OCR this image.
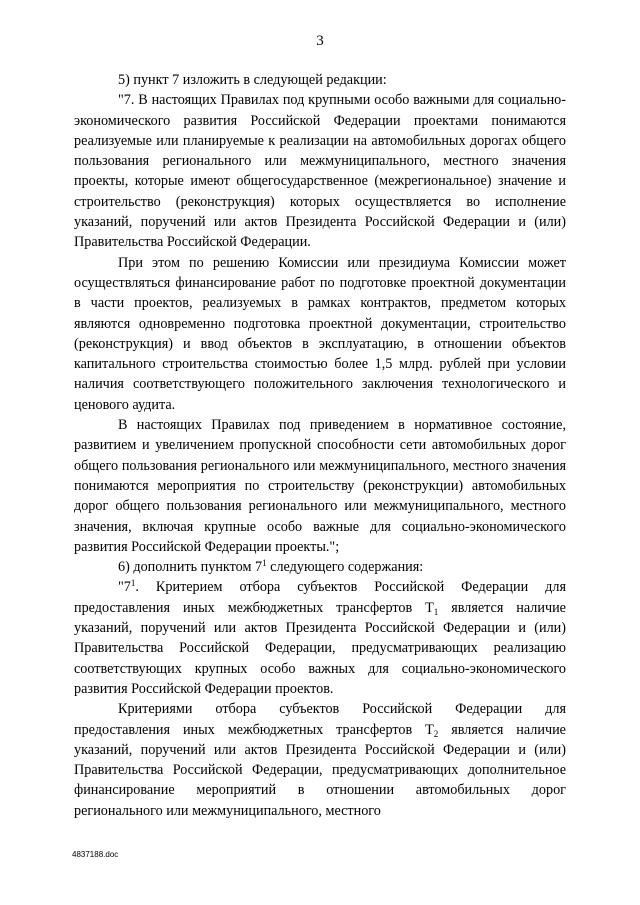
3

5) пункт 7 изложить в следующей редакции:

"7. В настоящих Правилах под крупными особо важными для социально-экономического развития Российской Федерации проектами понимаются реализуемые или планируемые к реализации на автомобильных дорогах общего пользования регионального или межмуниципального, местного значения проекты, которые имеют общегосударственное (межрегиональное) значение и строительство (реконструкция) которых осуществляется во исполнение указаний, поручений или актов Президента Российской Федерации и (или) Правительства Российской Федерации.

При этом по решению Комиссии или президиума Комиссии может осуществляться финансирование работ по подготовке проектной документации в части проектов, реализуемых в рамках контрактов, предметом которых являются одновременно подготовка проектной документации, строительство (реконструкция) и ввод объектов в эксплуатацию, в отношении объектов капитального строительства стоимостью более 1,5 млрд. рублей при условии наличия соответствующего положительного заключения технологического и ценового аудита.

В настоящих Правилах под приведением в нормативное состояние, развитием и увеличением пропускной способности сети автомобильных дорог общего пользования регионального или межмуниципального, местного значения понимаются мероприятия по строительству (реконструкции) автомобильных дорог общего пользования регионального или межмуниципального, местного значения, включая крупные особо важные для социально-экономического развития Российской Федерации проекты.";

6) дополнить пунктом $7^1$ следующего содержания:

"$7^1$. Критерием отбора субъектов Российской Федерации для предоставления иных межбюджетных трансфертов $Т_1$ является наличие указаний, поручений или актов Президента Российской Федерации и (или) Правительства Российской Федерации, предусматривающих реализацию соответствующих крупных особо важных для социально-экономического развития Российской Федерации проектов.

Критериями отбора субъектов Российской Федерации для предоставления иных межбюджетных трансфертов $Т_2$ является наличие указаний, поручений или актов Президента Российской Федерации и (или) Правительства Российской Федерации, предусматривающих дополнительное финансирование мероприятий в отношении автомобильных дорог регионального или межмуниципального, местного

4837188.doc
